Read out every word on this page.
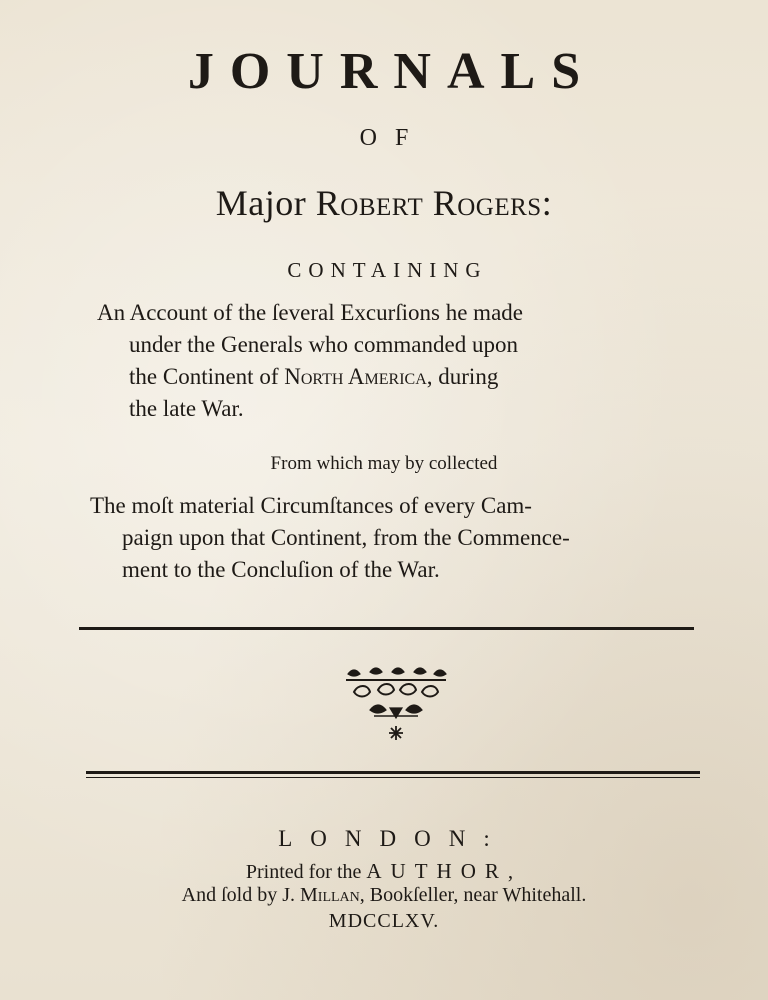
JOURNALS
OF
Major Robert Rogers:
CONTAINING
An Account of the ſeveral Excurſions he made
under the Generals who commanded upon
the Continent of North America, during
the late War.
From which may by collected
The moſt material Circumſtances of every Cam-
paign upon that Continent, from the Commence-
ment to the Concluſion of the War.
LONDON:
Printed for the AUTHOR,
And ſold by J. Millan, Bookſeller, near Whitehall.
MDCCLXV.
